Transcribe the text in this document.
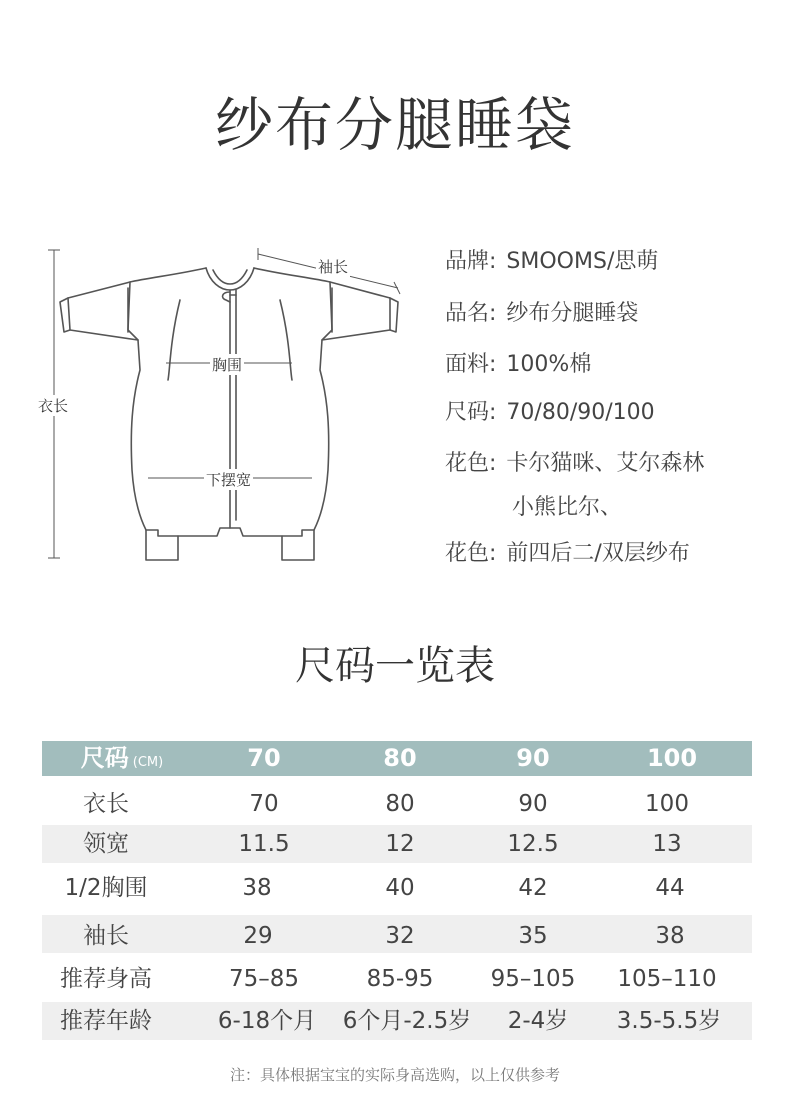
纱布分腿睡袋
袖长
胸围
下摆宽
衣长
品牌: SMOOMS/思萌
品名: 纱布分腿睡袋
面料: 100%棉
尺码: 70/80/90/100
花色: 卡尔猫咪、艾尔森林
小熊比尔、
花色: 前四后二/双层纱布
尺码一览表
尺码 (CM)	70	80	90	100
衣长	70	80	90	100
领宽	11.5	12	12.5	13
1/2胸围	38	40	42	44
袖长	29	32	35	38
推荐身高	75–85	85-95	95–105	105–110
推荐年龄	6-18个月	6个月-2.5岁	2-4岁	3.5-5.5岁
注：具体根据宝宝的实际身高选购，以上仅供参考
